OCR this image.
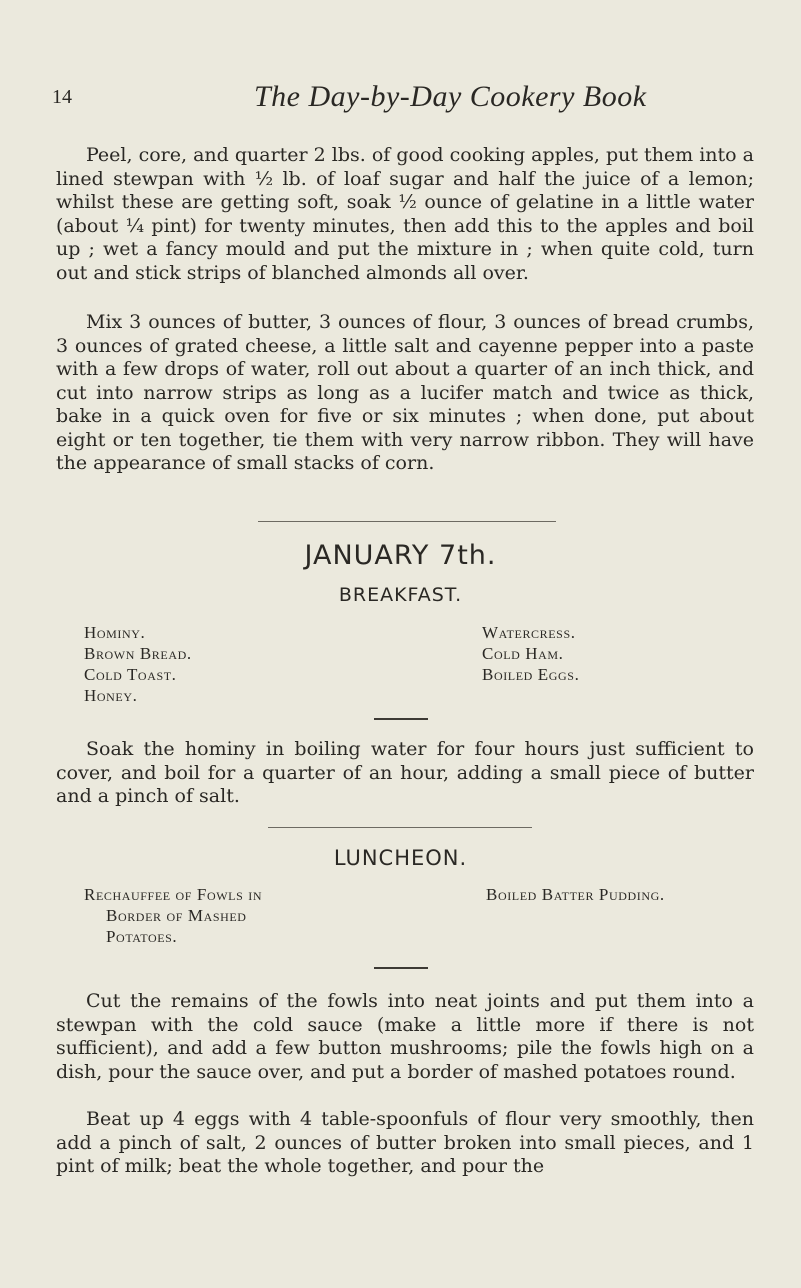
14	The Day-by-Day Cookery Book

Peel, core, and quarter 2 lbs. of good cooking apples, put them into a lined stewpan with ½ lb. of loaf sugar and half the juice of a lemon; whilst these are getting soft, soak ½ ounce of gelatine in a little water (about ¼ pint) for twenty minutes, then add this to the apples and boil up ; wet a fancy mould and put the mixture in ; when quite cold, turn out and stick strips of blanched almonds all over.

Mix 3 ounces of butter, 3 ounces of flour, 3 ounces of bread crumbs, 3 ounces of grated cheese, a little salt and cayenne pepper into a paste with a few drops of water, roll out about a quarter of an inch thick, and cut into narrow strips as long as a lucifer match and twice as thick, bake in a quick oven for five or six minutes ; when done, put about eight or ten together, tie them with very narrow ribbon. They will have the appearance of small stacks of corn.

JANUARY 7th.
BREAKFAST.
Hominy.
Brown Bread.
Cold Toast.
Honey.
Watercress.
Cold Ham.
Boiled Eggs.

Soak the hominy in boiling water for four hours just sufficient to cover, and boil for a quarter of an hour, adding a small piece of butter and a pinch of salt.

LUNCHEON.
Rechauffee of Fowls in
Border of Mashed
Potatoes.
Boiled Batter Pudding.

Cut the remains of the fowls into neat joints and put them into a stewpan with the cold sauce (make a little more if there is not sufficient), and add a few button mushrooms; pile the fowls high on a dish, pour the sauce over, and put a border of mashed potatoes round.

Beat up 4 eggs with 4 table-spoonfuls of flour very smoothly, then add a pinch of salt, 2 ounces of butter broken into small pieces, and 1 pint of milk; beat the whole together, and pour the
